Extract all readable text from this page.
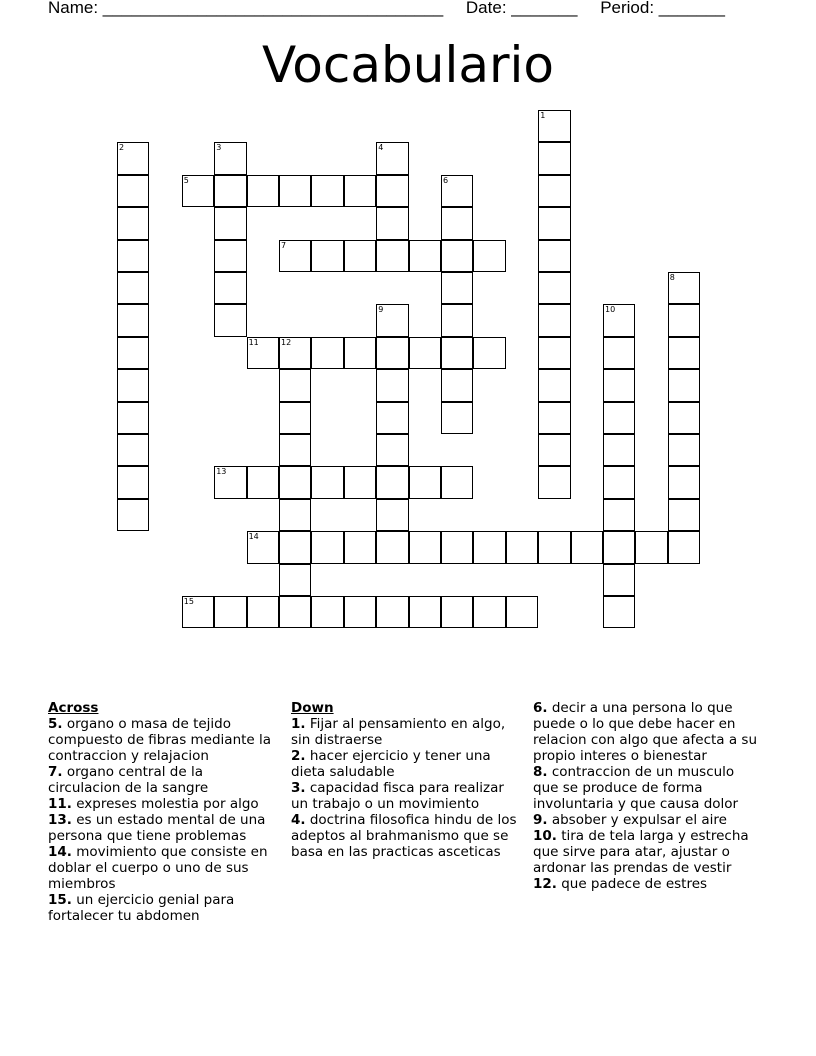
Name: ____________________________________ Date: _______ Period: _______
Vocabulario
1
2	3	4
5	6
7
8
9	10
11	12
13
14
15
Across
5. organo o masa de tejido compuesto de fibras mediante la contraccion y relajacion
7. organo central de la circulacion de la sangre
11. expreses molestia por algo
13. es un estado mental de una persona que tiene problemas
14. movimiento que consiste en doblar el cuerpo o uno de sus miembros
15. un ejercicio genial para fortalecer tu abdomen
Down
1. Fijar al pensamiento en algo, sin distraerse
2. hacer ejercicio y tener una dieta saludable
3. capacidad fisca para realizar un trabajo o un movimiento
4. doctrina filosofica hindu de los adeptos al brahmanismo que se basa en las practicas asceticas
6. decir a una persona lo que puede o lo que debe hacer en relacion con algo que afecta a su propio interes o bienestar
8. contraccion de un musculo que se produce de forma involuntaria y que causa dolor
9. absober y expulsar el aire
10. tira de tela larga y estrecha que sirve para atar, ajustar o ardonar las prendas de vestir
12. que padece de estres
